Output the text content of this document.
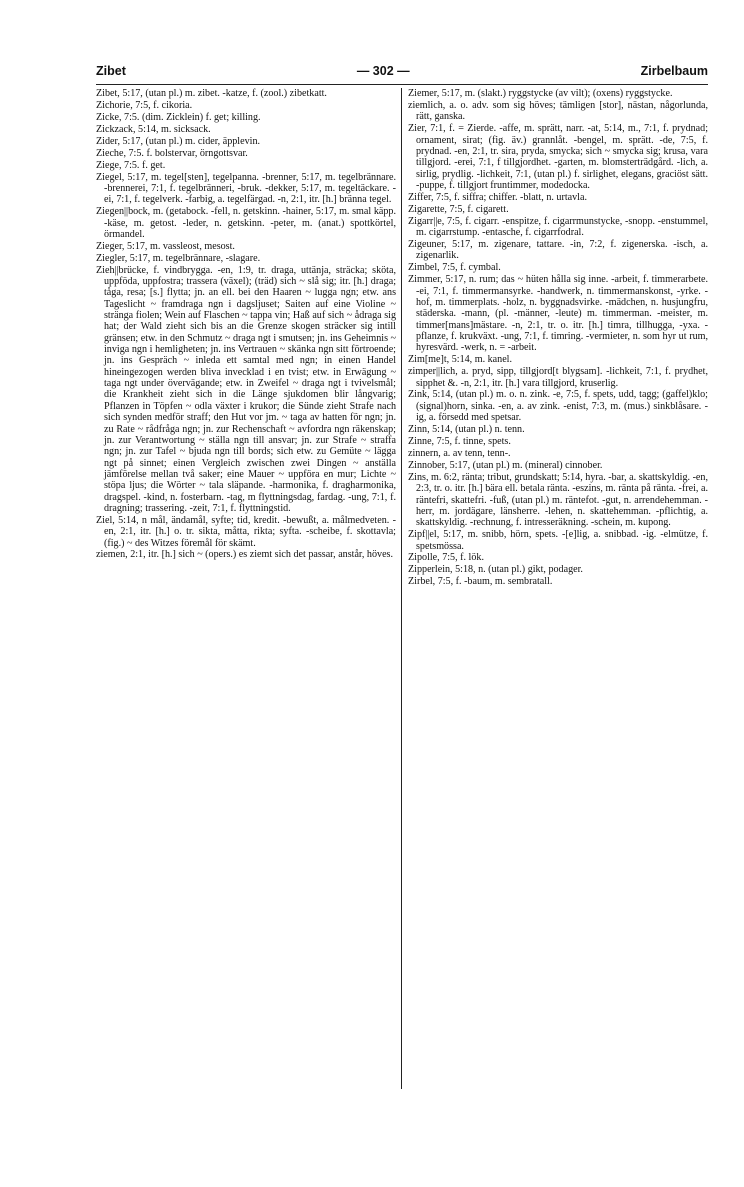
Zibet	— 302 —	Zirbelbaum

Zibet, 5:17, (utan pl.) m. zibet. -katze, f. (zool.) zibetkatt.

Zichorie, 7:5, f. cikoria.

Zicke, 7:5. (dim. Zicklein) f. get; killing.

Zickzack, 5:14, m. sicksack.

Zider, 5:17, (utan pl.) m. cider, äpplevin.

Zieche, 7:5. f. bolstervar, örngottsvar.

Ziege, 7:5. f. get.

Ziegel, 5:17, m. tegel[sten], tegelpanna. -brenner, 5:17, m. tegelbrännare. -brennerei, 7:1, f. tegelbränneri, -bruk. -dekker, 5:17, m. tegeltäckare. -ei, 7:1, f. tegelverk. -farbig, a. tegelfärgad. -n, 2:1, itr. [h.] bränna tegel.

Ziegen||bock, m. (getabock. -fell, n. getskinn. -hainer, 5:17, m. smal käpp. -käse, m. getost. -leder, n. getskinn. -peter, m. (anat.) spottkörtel, örmandel.

Zieger, 5:17, m. vassleost, mesost.

Ziegler, 5:17, m. tegelbrännare, -slagare.

Zieh||brücke, f. vindbrygga. -en, 1:9, tr. draga, uttänja, sträcka; sköta, uppföda, uppfostra; trassera (växel); (träd) sich ~ slå sig; itr. [h.] draga; tåga, resa; [s.] flytta; jn. an ell. bei den Haaren ~ lugga ngn; etw. ans Tageslicht ~ framdraga ngn i dagsljuset; Saiten auf eine Violine ~ stränga fiolen; Wein auf Flaschen ~ tappa vin; Haß auf sich ~ ådraga sig hat; der Wald zieht sich bis an die Grenze skogen sträcker sig intill gränsen; etw. in den Schmutz ~ draga ngt i smutsen; jn. ins Geheimnis ~ inviga ngn i hemligheten; jn. ins Vertrauen ~ skänka ngn sitt förtroende; jn. ins Gespräch ~ inleda ett samtal med ngn; in einen Handel hineingezogen werden bliva invecklad i en tvist; etw. in Erwägung ~ taga ngt under övervägande; etw. in Zweifel ~ draga ngt i tvivelsmål; die Krankheit zieht sich in die Länge sjukdomen blir långvarig; Pflanzen in Töpfen ~ odla växter i krukor; die Sünde zieht Strafe nach sich synden medför straff; den Hut vor jm. ~ taga av hatten för ngn; jn. zu Rate ~ rådfråga ngn; jn. zur Rechenschaft ~ avfordra ngn räkenskap; jn. zur Verantwortung ~ ställa ngn till ansvar; jn. zur Strafe ~ straffa ngn; jn. zur Tafel ~ bjuda ngn till bords; sich etw. zu Gemüte ~ lägga ngt på sinnet; einen Vergleich zwischen zwei Dingen ~ anställa jämförelse mellan två saker; eine Mauer ~ uppföra en mur; Lichte ~ stöpa ljus; die Wörter ~ tala släpande. -harmonika, f. dragharmonika, dragspel. -kind, n. fosterbarn. -tag, m flyttningsdag, fardag. -ung, 7:1, f. dragning; trassering. -zeit, 7:1, f. flyttningstid.

Ziel, 5:14, n mål, ändamål, syfte; tid, kredit. -bewußt, a. målmedveten. -en, 2:1, itr. [h.] o. tr. sikta, måtta, rikta; syfta. -scheibe, f. skottavla; (fig.) ~ des Witzes föremål för skämt.

ziemen, 2:1, itr. [h.] sich ~ (opers.) es ziemt sich det passar, anstår, höves.

Ziemer, 5:17, m. (slakt.) ryggstycke (av vilt); (oxens) ryggstycke.

ziemlich, a. o. adv. som sig höves; tämligen [stor], nästan, någorlunda, rätt, ganska.

Zier, 7:1, f. = Zierde. -affe, m. sprätt, narr. -at, 5:14, m., 7:1, f. prydnad; ornament, sirat; (fig. äv.) grannlåt. -bengel, m. sprätt. -de, 7:5, f. prydnad. -en, 2:1, tr. sira, pryda, smycka; sich ~ smycka sig; krusa, vara tillgjord. -erei, 7:1, f tillgjordhet. -garten, m. blomsterträdgård. -lich, a. sirlig, prydlig. -lichkeit, 7:1, (utan pl.) f. sirlighet, elegans, graciöst sätt. -puppe, f. tillgjort fruntimmer, modedocka.

Ziffer, 7:5, f. siffra; chiffer. -blatt, n. urtavla.

Zigarette, 7:5, f. cigarett.

Zigarr||e, 7:5, f. cigarr. -enspitze, f. cigarrmunstycke, -snopp. -enstummel, m. cigarrstump. -entasche, f. cigarrfodral.

Zigeuner, 5:17, m. zigenare, tattare. -in, 7:2, f. zigenerska. -isch, a. zigenarlik.

Zimbel, 7:5, f. cymbal.

Zimmer, 5:17, n. rum; das ~ hüten hålla sig inne. -arbeit, f. timmerarbete. -ei, 7:1, f. timmermansyrke. -handwerk, n. timmermanskonst, -yrke. -hof, m. timmerplats. -holz, n. byggnadsvirke. -mädchen, n. husjungfru, städerska. -mann, (pl. -männer, -leute) m. timmerman. -meister, m. timmer[mans]mästare. -n, 2:1, tr. o. itr. [h.] timra, tillhugga, -yxa. -pflanze, f. krukväxt. -ung, 7:1, f. timring. -vermieter, n. som hyr ut rum, hyresvärd. -werk, n. = -arbeit.

Zim[me]t, 5:14, m. kanel.

zimper||lich, a. pryd, sipp, tillgjord[t blygsam]. -lichkeit, 7:1, f. prydhet, sipphet &. -n, 2:1, itr. [h.] vara tillgjord, kruserlig.

Zink, 5:14, (utan pl.) m. o. n. zink. -e, 7:5, f. spets, udd, tagg; (gaffel)klo; (signal)horn, sinka. -en, a. av zink. -enist, 7:3, m. (mus.) sinkblåsare. -ig, a. försedd med spetsar.

Zinn, 5:14, (utan pl.) n. tenn.

Zinne, 7:5, f. tinne, spets.

zinnern, a. av tenn, tenn-.

Zinnober, 5:17, (utan pl.) m. (mineral) cinnober.

Zins, m. 6:2, ränta; tribut, grundskatt; 5:14, hyra. -bar, a. skattskyldig. -en, 2:3, tr. o. itr. [h.] bära ell. betala ränta. -eszins, m. ränta på ränta. -frei, a. räntefri, skattefri. -fuß, (utan pl.) m. räntefot. -gut, n. arrendehemman. -herr, m. jordägare, länsherre. -lehen, n. skattehemman. -pflichtig, a. skattskyldig. -rechnung, f. intresseräkning. -schein, m. kupong.

Zipf||el, 5:17, m. snibb, hörn, spets. -[e]lig, a. snibbad. -ig. -elmütze, f. spetsmössa.

Zipolle, 7:5, f. lök.

Zipperlein, 5:18, n. (utan pl.) gikt, podager.

Zirbel, 7:5, f. -baum, m. sembratall.
